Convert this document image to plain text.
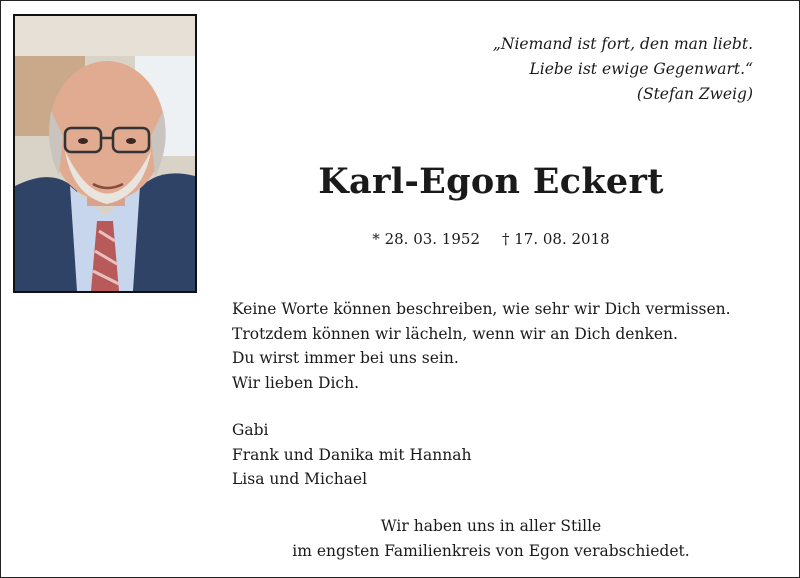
„Niemand ist fort, den man liebt.
Liebe ist ewige Gegenwart.“
(Stefan Zweig)
Karl-Egon Eckert
* 28. 03. 1952 † 17. 08. 2018
Keine Worte können beschreiben, wie sehr wir Dich vermissen.
Trotzdem können wir lächeln, wenn wir an Dich denken.
Du wirst immer bei uns sein.
Wir lieben Dich.
Gabi
Frank und Danika mit Hannah
Lisa und Michael
Wir haben uns in aller Stille
im engsten Familienkreis von Egon verabschiedet.
